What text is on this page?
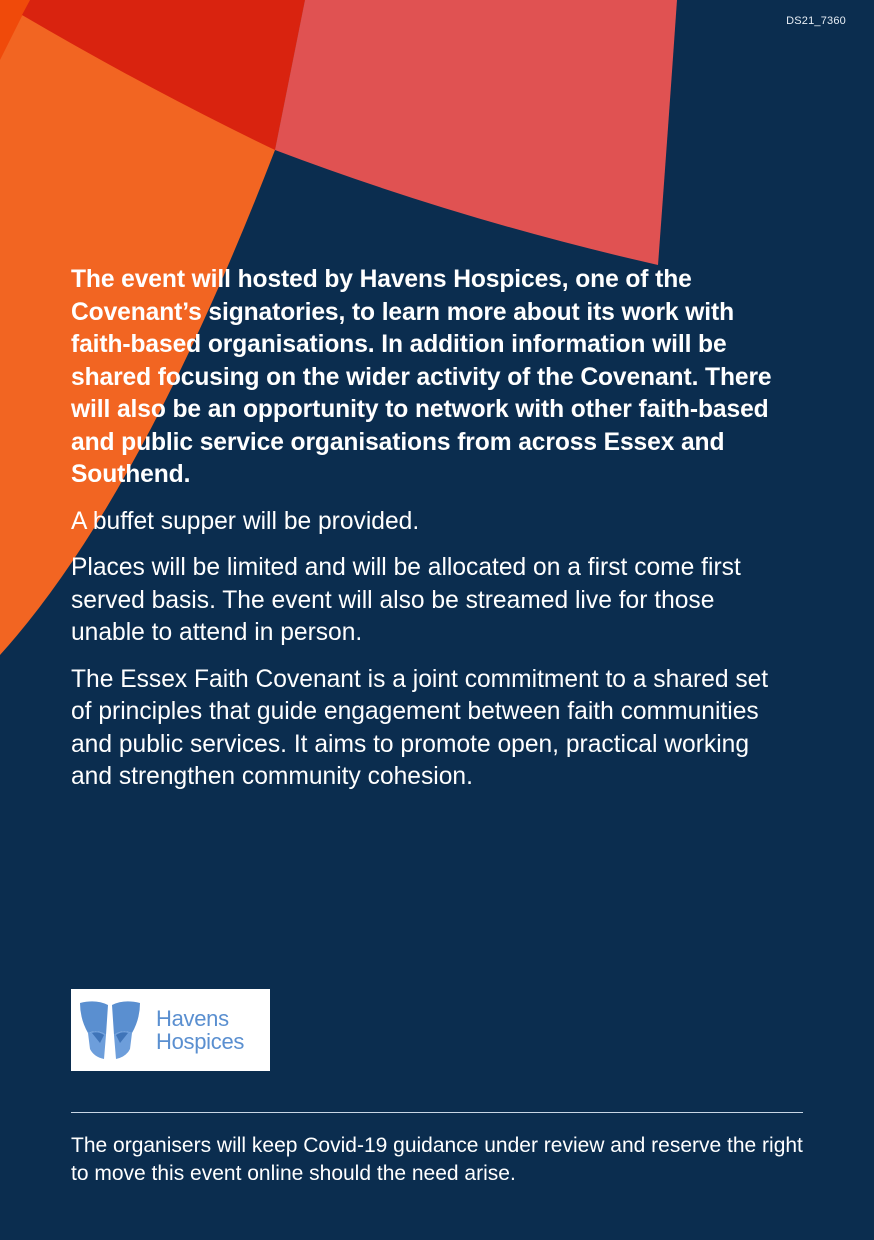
DS21_7360

The event will hosted by Havens Hospices, one of the Covenant’s signatories, to learn more about its work with faith-based organisations. In addition information will be shared focusing on the wider activity of the Covenant. There will also be an opportunity to network with other faith-based and public service organisations from across Essex and Southend.

A buffet supper will be provided.

Places will be limited and will be allocated on a first come first served basis. The event will also be streamed live for those unable to attend in person.

The Essex Faith Covenant is a joint commitment to a shared set of principles that guide engagement between faith communities and public services. It aims to promote open, practical working and strengthen community cohesion.

Havens
Hospices

The organisers will keep Covid-19 guidance under review and reserve the right to move this event online should the need arise.
